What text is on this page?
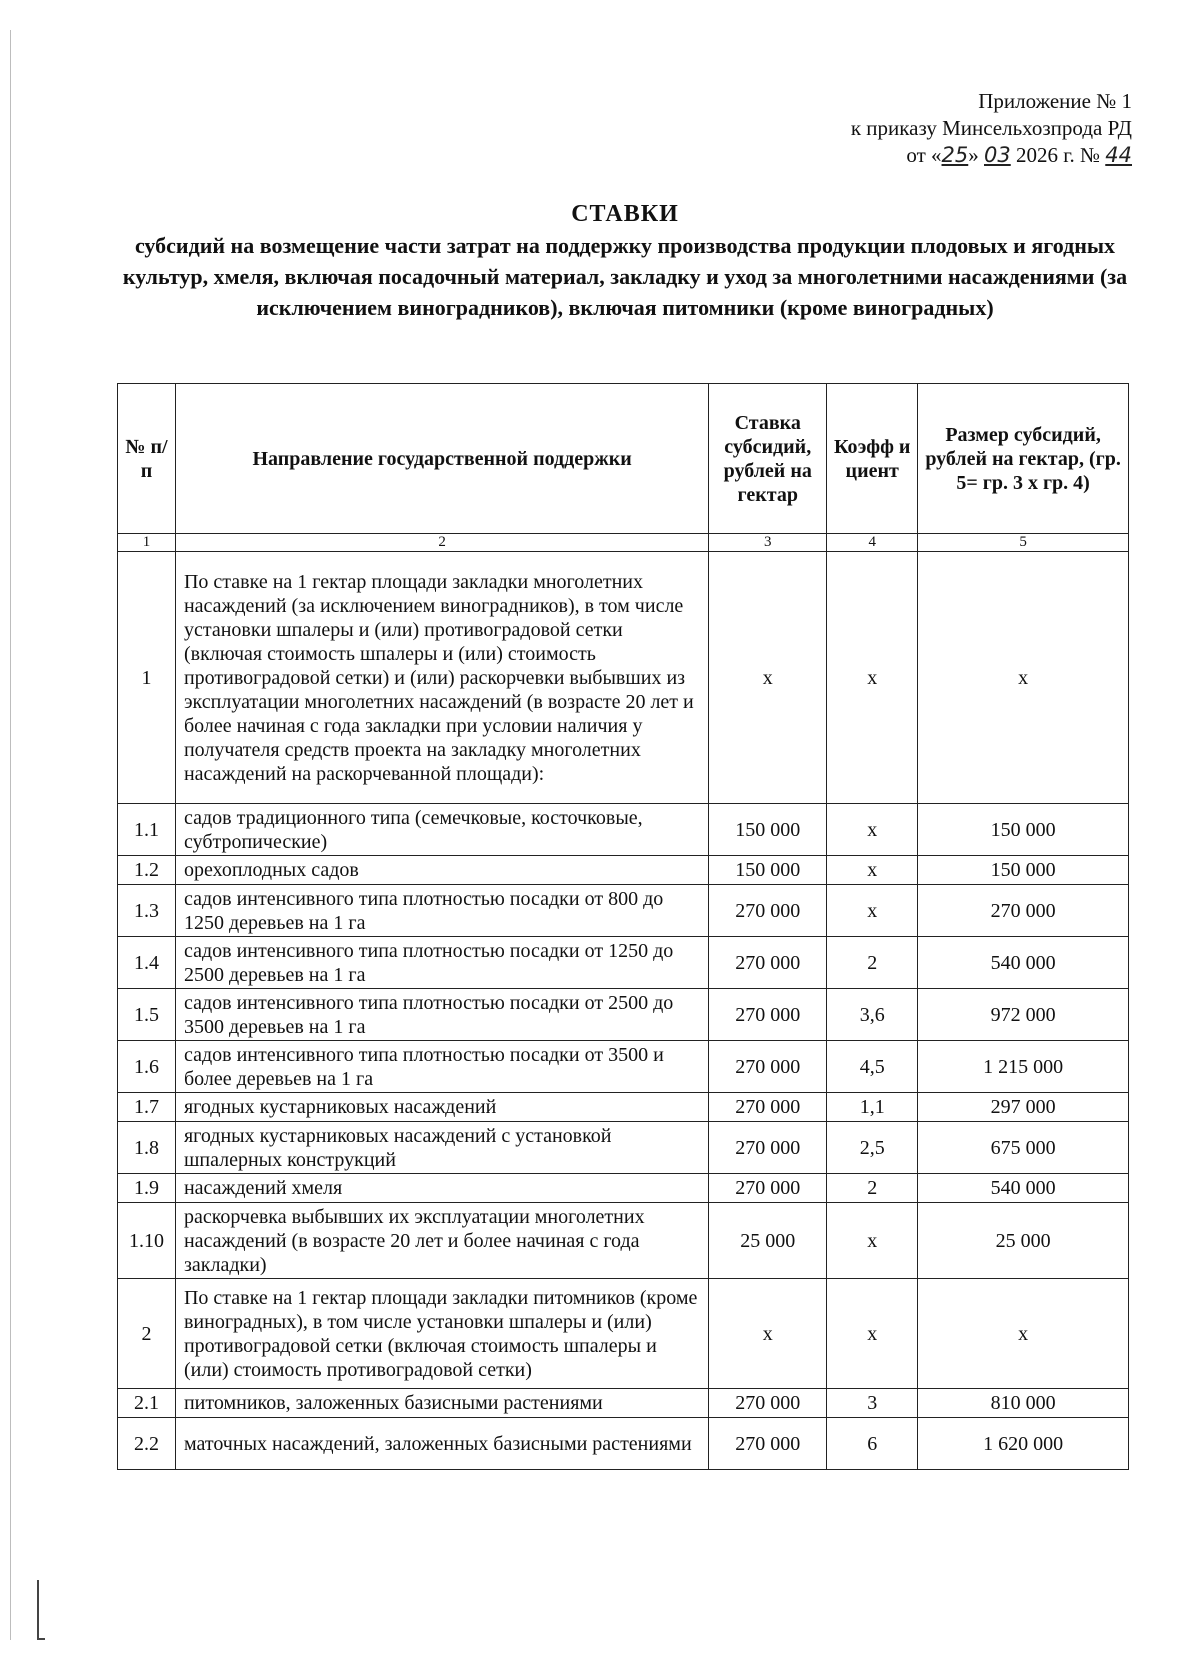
Приложение № 1
к приказу Минсельхозпрода РД
от «25» 03 2026 г. № 44
СТАВКИ
субсидий на возмещение части затрат на поддержку производства продукции плодовых и ягодных культур, хмеля, включая посадочный материал, закладку и уход за многолетними насаждениями (за исключением виноградников), включая питомники (кроме виноградных)
№ п/п	Направление государственной поддержки	Ставка субсидий, рублей на гектар	Коэфф и циент	Размер субсидий, рублей на гектар, (гр. 5= гр. 3 х гр. 4)
1	2	3	4	5
1	По ставке на 1 гектар площади закладки многолетних насаждений (за исключением виноградников), в том числе установки шпалеры и (или) противоградовой сетки (включая стоимость шпалеры и (или) стоимость противоградовой сетки) и (или) раскорчевки выбывших из эксплуатации многолетних насаждений (в возрасте 20 лет и более начиная с года закладки при условии наличия у получателя средств проекта на закладку многолетних насаждений на раскорчеванной площади):	х	х	х
1.1	садов традиционного типа (семечковые, косточковые, субтропические)	150 000	х	150 000
1.2	орехоплодных садов	150 000	х	150 000
1.3	садов интенсивного типа плотностью посадки от 800 до 1250 деревьев на 1 га	270 000	х	270 000
1.4	садов интенсивного типа плотностью посадки от 1250 до 2500 деревьев на 1 га	270 000	2	540 000
1.5	садов интенсивного типа плотностью посадки от 2500 до 3500 деревьев на 1 га	270 000	3,6	972 000
1.6	садов интенсивного типа плотностью посадки от 3500 и более деревьев на 1 га	270 000	4,5	1 215 000
1.7	ягодных кустарниковых насаждений	270 000	1,1	297 000
1.8	ягодных кустарниковых насаждений с установкой шпалерных конструкций	270 000	2,5	675 000
1.9	насаждений хмеля	270 000	2	540 000
1.10	раскорчевка выбывших их эксплуатации многолетних насаждений (в возрасте 20 лет и более начиная с года закладки)	25 000	х	25 000
2	По ставке на 1 гектар площади закладки питомников (кроме виноградных), в том числе установки шпалеры и (или) противоградовой сетки (включая стоимость шпалеры и (или) стоимость противоградовой сетки)	х	х	х
2.1	питомников, заложенных базисными растениями	270 000	3	810 000
2.2	маточных насаждений, заложенных базисными растениями	270 000	6	1 620 000
